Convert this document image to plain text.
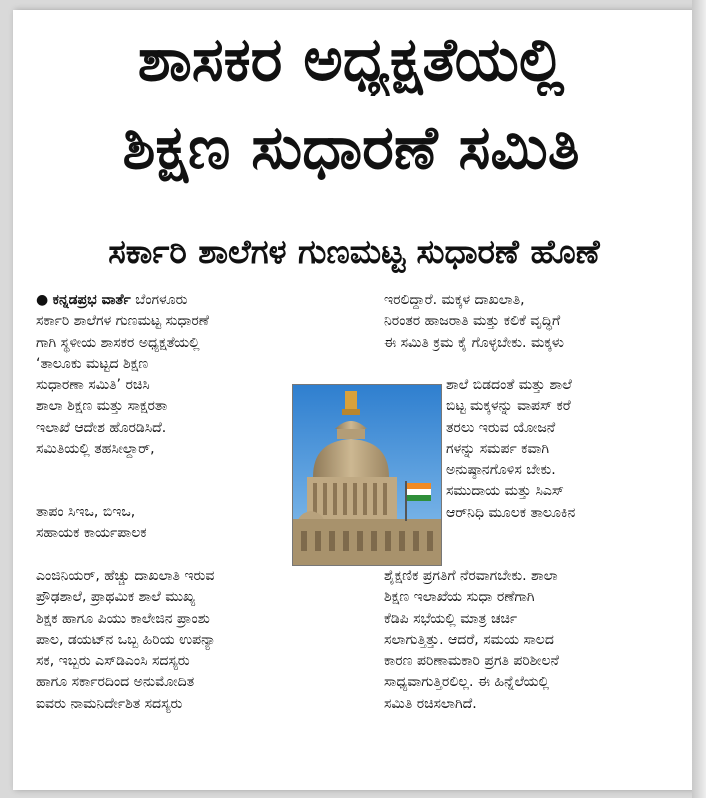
ಶಾಸಕರ ಅಧ್ಯಕ್ಷತೆಯಲ್ಲಿ
ಶಿಕ್ಷಣ ಸುಧಾರಣೆ ಸಮಿತಿ
ಸರ್ಕಾರಿ ಶಾಲೆಗಳ ಗುಣಮಟ್ಟ ಸುಧಾರಣೆ ಹೊಣೆ
● ಕನ್ನಡಪ್ರಭ ವಾರ್ತೆ ಬೆಂಗಳೂರು
ಸರ್ಕಾರಿ ಶಾಲೆಗಳ ಗುಣಮಟ್ಟ ಸುಧಾರಣೆ
ಗಾಗಿ ಸ್ಥಳೀಯ ಶಾಸಕರ ಅಧ್ಯಕ್ಷತೆಯಲ್ಲಿ
‘ತಾಲೂಕು ಮಟ್ಟದ ಶಿಕ್ಷಣ
ಸುಧಾರಣಾ ಸಮಿತಿ’ ರಚಿಸಿ
ಶಾಲಾ ಶಿಕ್ಷಣ ಮತ್ತು ಸಾಕ್ಷರತಾ
ಇಲಾಖೆ ಆದೇಶ ಹೊರಡಿಸಿದೆ.
ಸಮಿತಿಯಲ್ಲಿ ತಹಸೀಲ್ದಾರ್,
ತಾಪಂ ಸಿಇಒ, ಬಿಇಒ,
ಸಹಾಯಕ ಕಾರ್ಯಪಾಲಕ
ಎಂಜಿನಿಯರ್, ಹೆಚ್ಚು ದಾಖಲಾತಿ ಇರುವ
ಪ್ರೌಢಶಾಲೆ, ಪ್ರಾಥಮಿಕ ಶಾಲೆ ಮುಖ್ಯ
ಶಿಕ್ಷಕ ಹಾಗೂ ಪಿಯು ಕಾಲೇಜಿನ ಪ್ರಾಂಶು
ಪಾಲ, ಡಯಟ್‌ನ ಒಬ್ಬ ಹಿರಿಯ ಉಪನ್ಯಾ
ಸಕ, ಇಬ್ಬರು ಎಸ್‌ಡಿಎಂಸಿ ಸದಸ್ಯರು
ಹಾಗೂ ಸರ್ಕಾರದಿಂದ ಅನುಮೋದಿತ
ಐವರು ನಾಮನಿರ್ದೇಶಿತ ಸದಸ್ಯರು
ಇರಲಿದ್ದಾರೆ. ಮಕ್ಕಳ ದಾಖಲಾತಿ,
ನಿರಂತರ ಹಾಜರಾತಿ ಮತ್ತು ಕಲಿಕೆ ವೃದ್ಧಿಗೆ
ಈ ಸಮಿತಿ ಕ್ರಮ ಕೈ ಗೊಳ್ಳಬೇಕು. ಮಕ್ಕಳು
ಶಾಲೆ ಬಿಡದಂತೆ ಮತ್ತು ಶಾಲೆ
ಬಿಟ್ಟ ಮಕ್ಕಳನ್ನು ವಾಪಸ್ ಕರೆ
ತರಲು ಇರುವ ಯೋಜನೆ
ಗಳನ್ನು ಸಮರ್ಪ ಕವಾಗಿ
ಅನುಷ್ಠಾನಗೊಳಿಸ ಬೇಕು.
ಸಮುದಾಯ ಮತ್ತು ಸಿಎಸ್
ಆರ್‌ನಿಧಿ ಮೂಲಕ ತಾಲೂಕಿನ
ಶೈಕ್ಷಣಿಕ ಪ್ರಗತಿಗೆ ನೆರವಾಗಬೇಕು. ಶಾಲಾ
ಶಿಕ್ಷಣ ಇಲಾಖೆಯ ಸುಧಾ ರಣೆಗಾಗಿ
ಕೆಡಿಪಿ ಸಭೆಯಲ್ಲಿ ಮಾತ್ರ ಚರ್ಚಿ
ಸಲಾಗುತ್ತಿತ್ತು. ಆದರೆ, ಸಮಯ ಸಾಲದ
ಕಾರಣ ಪರಿಣಾಮಕಾರಿ ಪ್ರಗತಿ ಪರಿಶೀಲನೆ
ಸಾಧ್ಯವಾಗುತ್ತಿರಲಿಲ್ಲ. ಈ ಹಿನ್ನೆಲೆಯಲ್ಲಿ
ಸಮಿತಿ ರಚಿಸಲಾಗಿದೆ.
